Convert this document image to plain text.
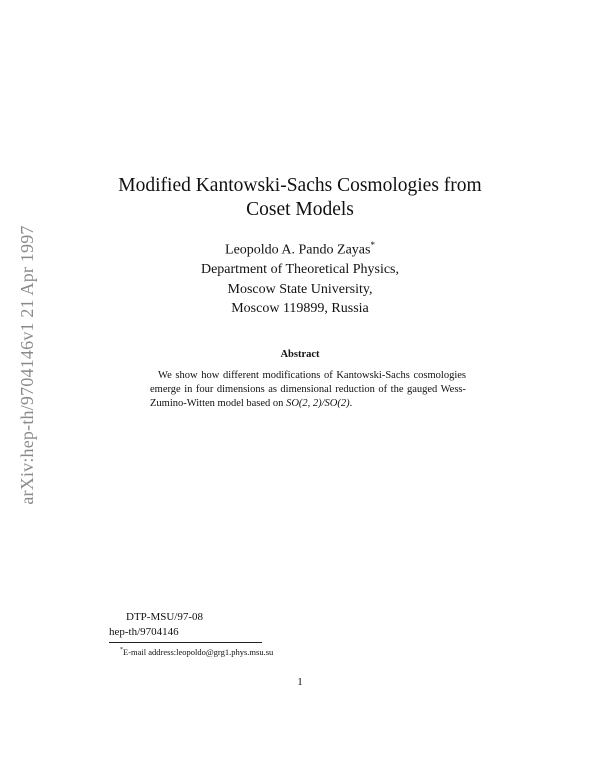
arXiv:hep-th/9704146v1 21 Apr 1997
Modified Kantowski-Sachs Cosmologies from
Coset Models
Leopoldo A. Pando Zayas*
Department of Theoretical Physics,
Moscow State University,
Moscow 119899, Russia
Abstract
We show how different modifications of Kantowski-Sachs cosmologies emerge in four dimensions as dimensional reduction of the gauged Wess-Zumino-Witten model based on SO(2, 2)/SO(2).
DTP-MSU/97-08
hep-th/9704146
*E-mail address:leopoldo@grg1.phys.msu.su
1
